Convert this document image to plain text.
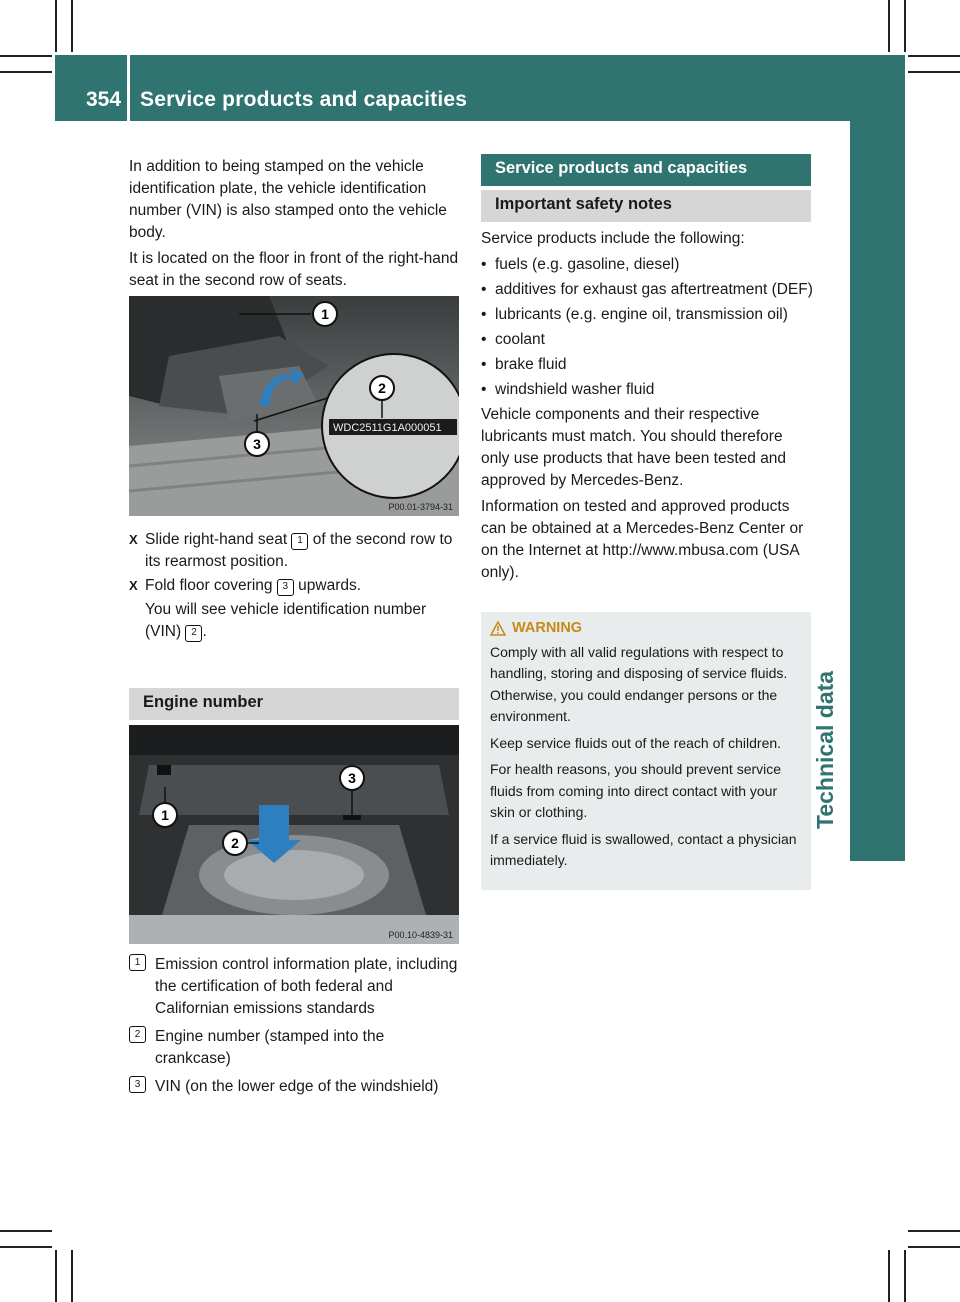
354 Service products and capacities
Technical data

In addition to being stamped on the vehicle identification plate, the vehicle identification number (VIN) is also stamped onto the vehicle body.

It is located on the floor in front of the right-hand seat in the second row of seats.

WDC2511G1A000051
1
2
3
P00.01-3794-31
X Slide right-hand seat 1 of the second row to its rearmost position.
X Fold floor covering 3 upwards.
You will see vehicle identification number (VIN) 2 .
Engine number
1
2
3
P00.10-4839-31
1 Emission control information plate, including the certification of both federal and Californian emissions standards
2 Engine number (stamped into the crankcase)
3 VIN (on the lower edge of the windshield)
Service products and capacities
Important safety notes

Service products include the following:

• fuels (e.g. gasoline, diesel)
• additives for exhaust gas aftertreatment (DEF)
• lubricants (e.g. engine oil, transmission oil)
• coolant
• brake fluid
• windshield washer fluid

Vehicle components and their respective lubricants must match. You should therefore only use products that have been tested and approved by Mercedes-Benz.

Information on tested and approved products can be obtained at a Mercedes-Benz Center or on the Internet at http://www.mbusa.com (USA only).

WARNING

Comply with all valid regulations with respect to handling, storing and disposing of service fluids. Otherwise, you could endanger persons or the environment.

Keep service fluids out of the reach of children.

For health reasons, you should prevent service fluids from coming into direct contact with your skin or clothing.

If a service fluid is swallowed, contact a physician immediately.
